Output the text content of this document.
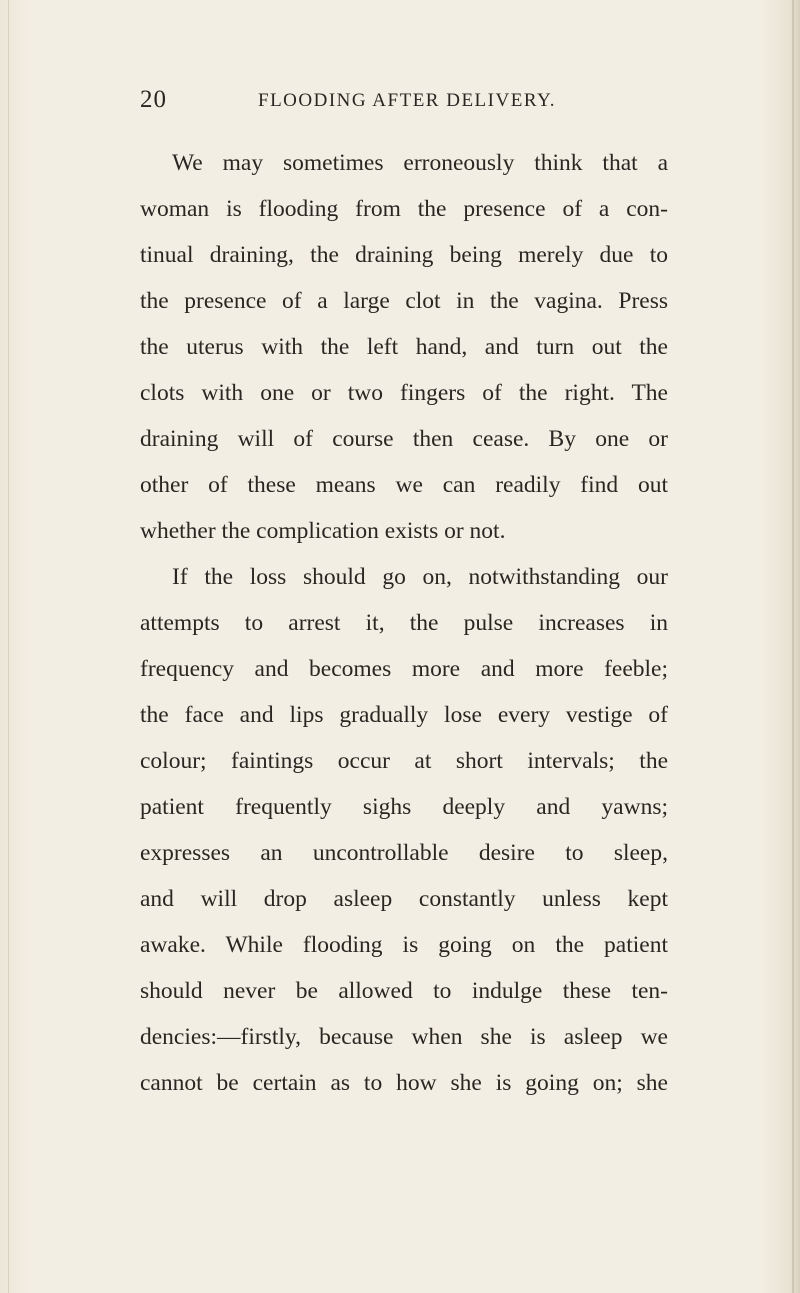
20	FLOODING AFTER DELIVERY.
We may sometimes erroneously think that a
woman is flooding from the presence of a con-
tinual draining, the draining being merely due to
the presence of a large clot in the vagina. Press
the uterus with the left hand, and turn out the
clots with one or two fingers of the right. The
draining will of course then cease. By one or
other of these means we can readily find out
whether the complication exists or not.
If the loss should go on, notwithstanding our
attempts to arrest it, the pulse increases in
frequency and becomes more and more feeble;
the face and lips gradually lose every vestige of
colour; faintings occur at short intervals; the
patient frequently sighs deeply and yawns;
expresses an uncontrollable desire to sleep,
and will drop asleep constantly unless kept
awake. While flooding is going on the patient
should never be allowed to indulge these ten-
dencies:—firstly, because when she is asleep we
cannot be certain as to how she is going on; she
